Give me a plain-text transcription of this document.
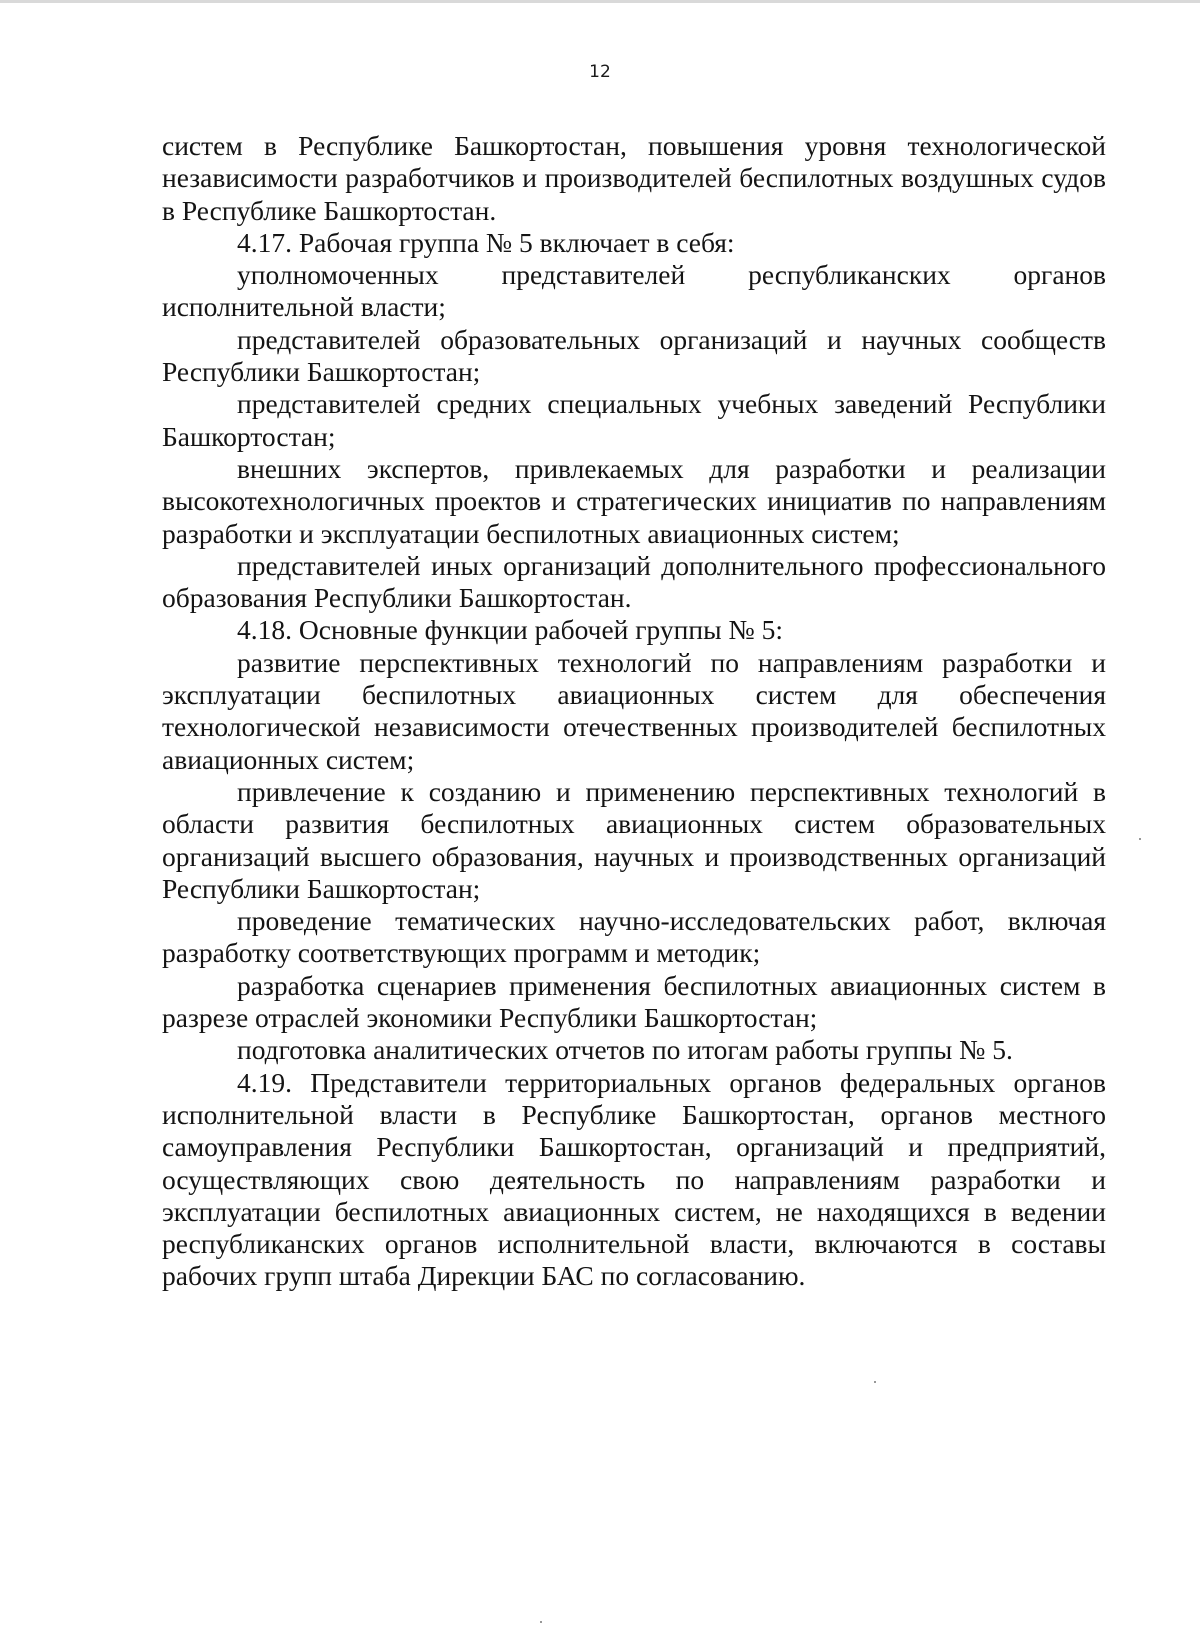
12

систем в Республике Башкортостан, повышения уровня технологической независимости разработчиков и производителей беспилотных воздушных судов в Республике Башкортостан.

4.17. Рабочая группа № 5 включает в себя:

уполномоченных представителей республиканских органов исполнительной власти;

представителей образовательных организаций и научных сообществ Республики Башкортостан;

представителей средних специальных учебных заведений Республики Башкортостан;

внешних экспертов, привлекаемых для разработки и реализации высокотехнологичных проектов и стратегических инициатив по направлениям разработки и эксплуатации беспилотных авиационных систем;

представителей иных организаций дополнительного профессионального образования Республики Башкортостан.

4.18. Основные функции рабочей группы № 5:

развитие перспективных технологий по направлениям разработки и эксплуатации беспилотных авиационных систем для обеспечения технологической независимости отечественных производителей беспилотных авиационных систем;

привлечение к созданию и применению перспективных технологий в области развития беспилотных авиационных систем образовательных организаций высшего образования, научных и производственных организаций Республики Башкортостан;

проведение тематических научно-исследовательских работ, включая разработку соответствующих программ и методик;

разработка сценариев применения беспилотных авиационных систем в разрезе отраслей экономики Республики Башкортостан;

подготовка аналитических отчетов по итогам работы группы № 5.

4.19. Представители территориальных органов федеральных органов исполнительной власти в Республике Башкортостан, органов местного самоуправления Республики Башкортостан, организаций и предприятий, осуществляющих свою деятельность по направлениям разработки и эксплуатации беспилотных авиационных систем, не находящихся в ведении республиканских органов исполнительной власти, включаются в составы рабочих групп штаба Дирекции БАС по согласованию.
